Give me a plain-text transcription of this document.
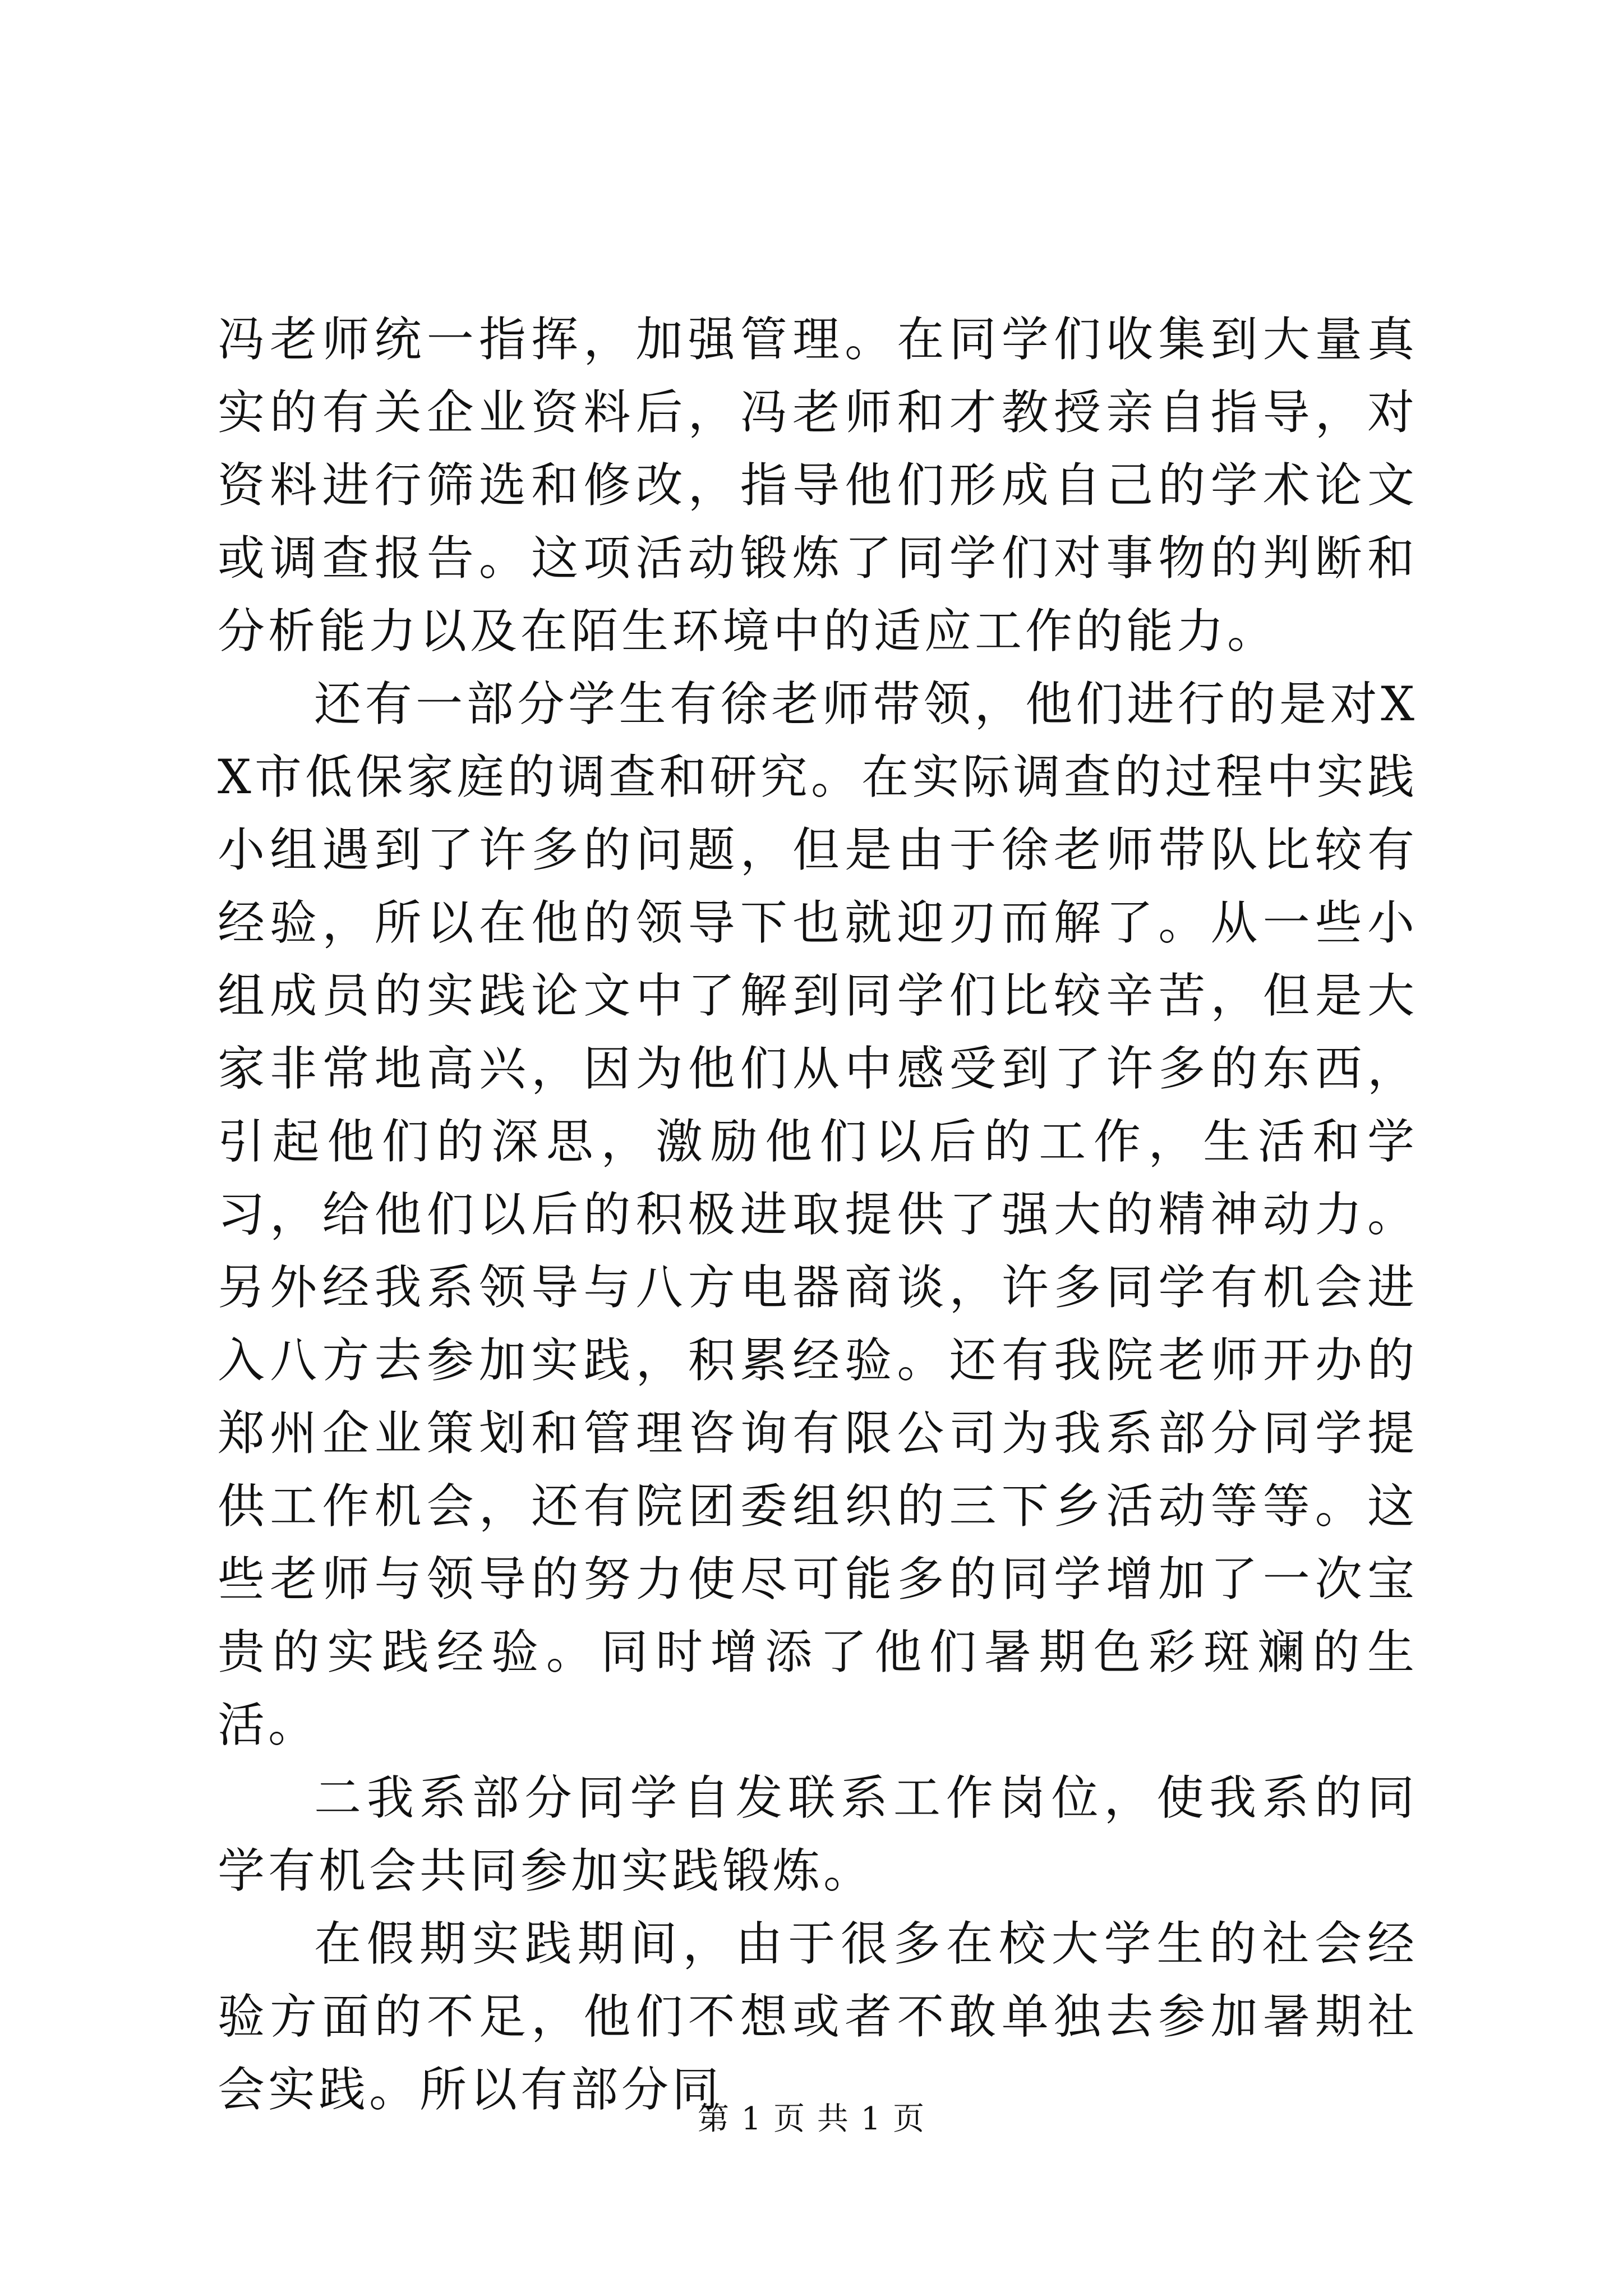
冯老师统一指挥，加强管理。在同学们收集到大量真实的有关企业资料后，冯老师和才教授亲自指导，对资料进行筛选和修改，指导他们形成自己的学术论文或调查报告。这项活动锻炼了同学们对事物的判断和分析能力以及在陌生环境中的适应工作的能力。

还有一部分学生有徐老师带领，他们进行的是对XX市低保家庭的调查和研究。在实际调查的过程中实践小组遇到了许多的问题，但是由于徐老师带队比较有经验，所以在他的领导下也就迎刃而解了。从一些小组成员的实践论文中了解到同学们比较辛苦，但是大家非常地高兴，因为他们从中感受到了许多的东西，引起他们的深思，激励他们以后的工作，生活和学习，给他们以后的积极进取提供了强大的精神动力。另外经我系领导与八方电器商谈，许多同学有机会进入八方去参加实践，积累经验。还有我院老师开办的郑州企业策划和管理咨询有限公司为我系部分同学提供工作机会，还有院团委组织的三下乡活动等等。这些老师与领导的努力使尽可能多的同学增加了一次宝贵的实践经验。同时增添了他们暑期色彩斑斓的生活。

二我系部分同学自发联系工作岗位，使我系的同学有机会共同参加实践锻炼。

在假期实践期间，由于很多在校大学生的社会经验方面的不足，他们不想或者不敢单独去参加暑期社会实践。所以有部分同

第 1 页 共 1 页
